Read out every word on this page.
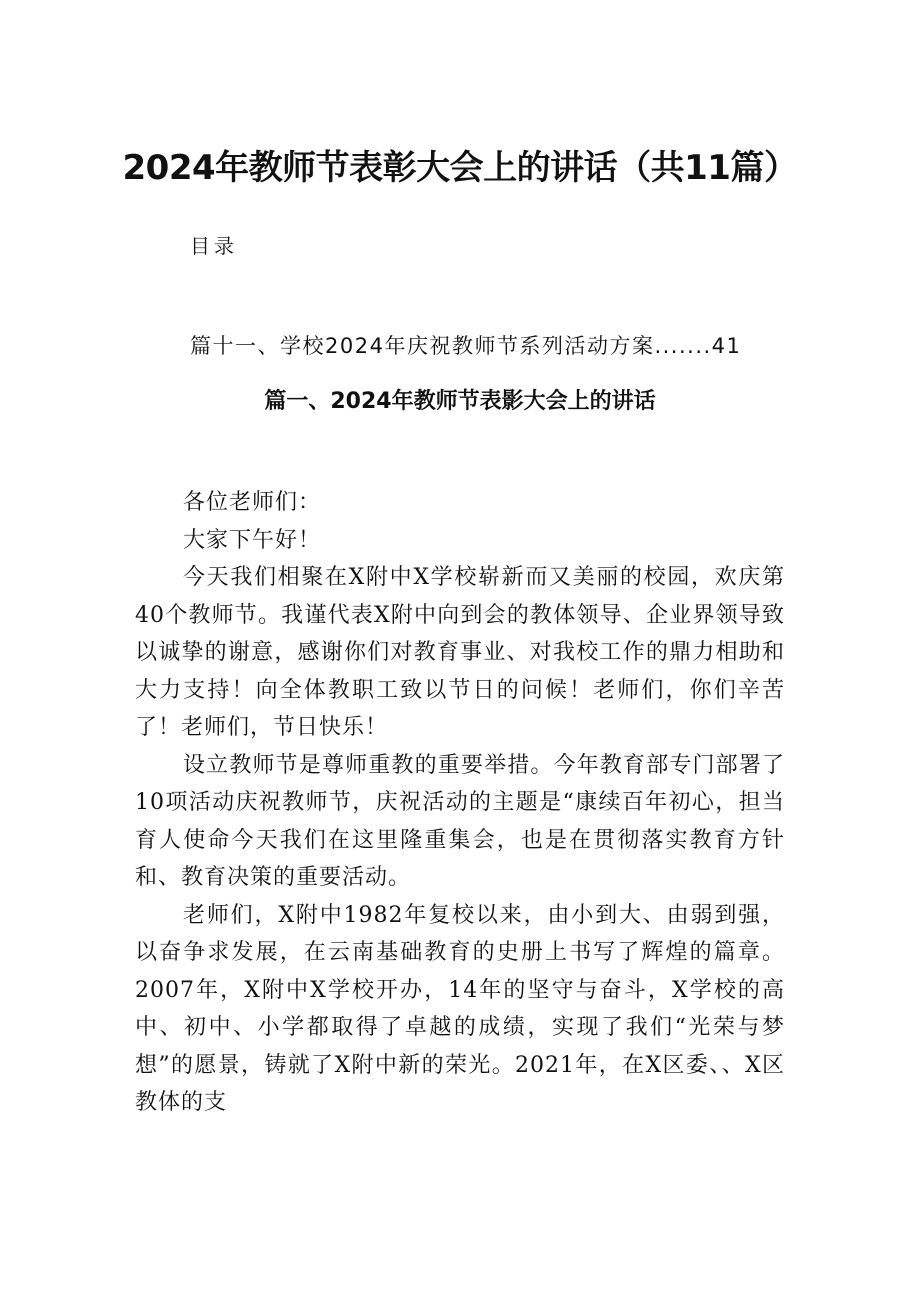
2024年教师节表彰大会上的讲话（共11篇）
目录
篇十一、学校2024年庆祝教师节系列活动方案.......41
篇一、2024年教师节表影大会上的讲话

各位老师们：

大家下午好！

今天我们相聚在X附中X学校崭新而又美丽的校园，欢庆第40个教师节。我谨代表X附中向到会的教体领导、企业界领导致以诚挚的谢意，感谢你们对教育事业、对我校工作的鼎力相助和大力支持！向全体教职工致以节日的问候！老师们，你们辛苦了！老师们，节日快乐！

设立教师节是尊师重教的重要举措。今年教育部专门部署了10项活动庆祝教师节，庆祝活动的主题是“康续百年初心，担当育人使命今天我们在这里隆重集会，也是在贯彻落实教育方针和、教育决策的重要活动。

老师们，X附中1982年复校以来，由小到大、由弱到强，以奋争求发展，在云南基础教育的史册上书写了辉煌的篇章。2007年，X附中X学校开办，14年的坚守与奋斗，X学校的高中、初中、小学都取得了卓越的成绩，实现了我们“光荣与梦想”的愿景，铸就了X附中新的荣光。2021年，在X区委、、X区教体的支
